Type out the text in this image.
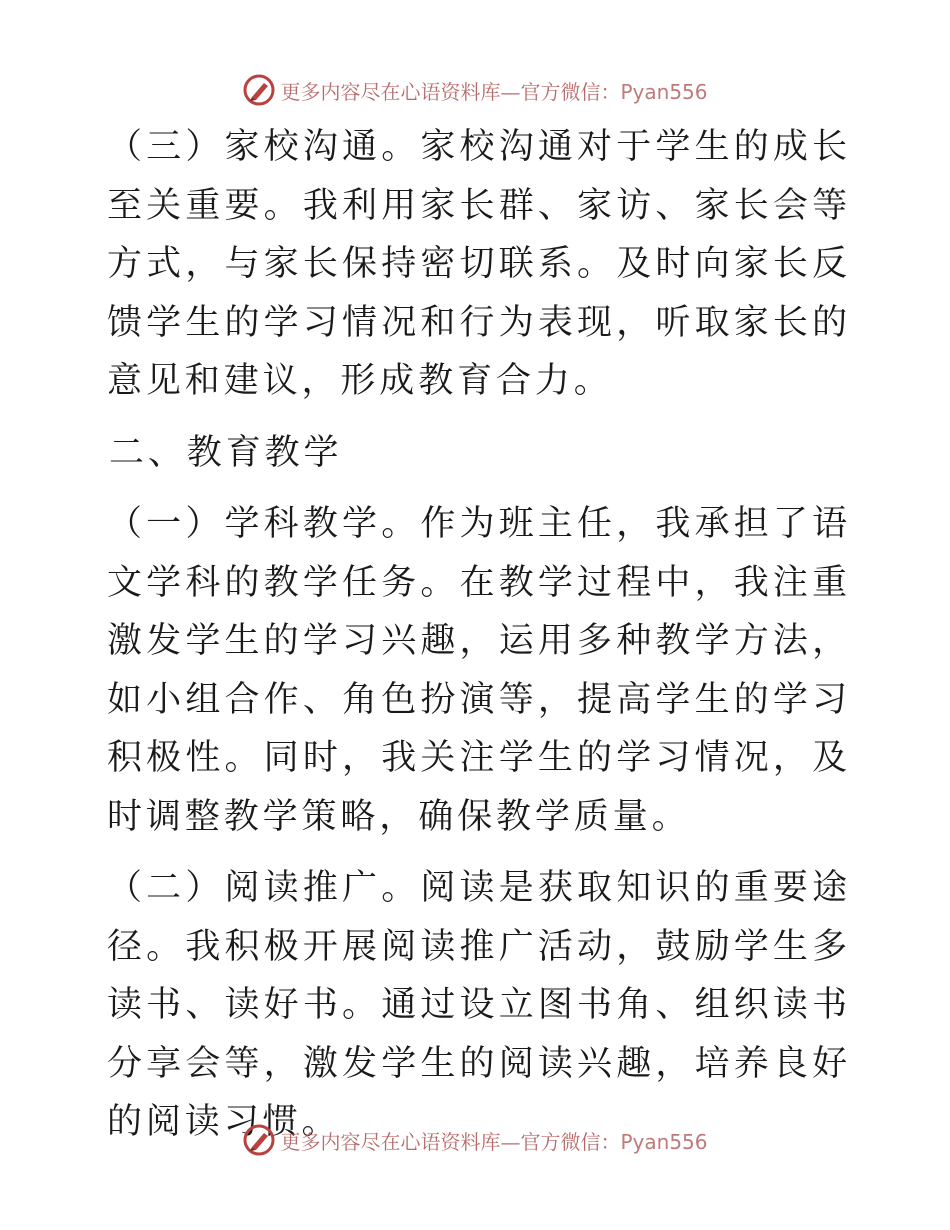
更多内容尽在心语资料库—官方微信：Pyan556

（三）家校沟通。家校沟通对于学生的成长至关重要。我利用家长群、家访、家长会等方式，与家长保持密切联系。及时向家长反馈学生的学习情况和行为表现，听取家长的意见和建议，形成教育合力。

二、教育教学

（一）学科教学。作为班主任，我承担了语文学科的教学任务。在教学过程中，我注重激发学生的学习兴趣，运用多种教学方法，如小组合作、角色扮演等，提高学生的学习积极性。同时，我关注学生的学习情况，及时调整教学策略，确保教学质量。

（二）阅读推广。阅读是获取知识的重要途径。我积极开展阅读推广活动，鼓励学生多读书、读好书。通过设立图书角、组织读书分享会等，激发学生的阅读兴趣，培养良好的阅读习惯。

更多内容尽在心语资料库—官方微信：Pyan556
